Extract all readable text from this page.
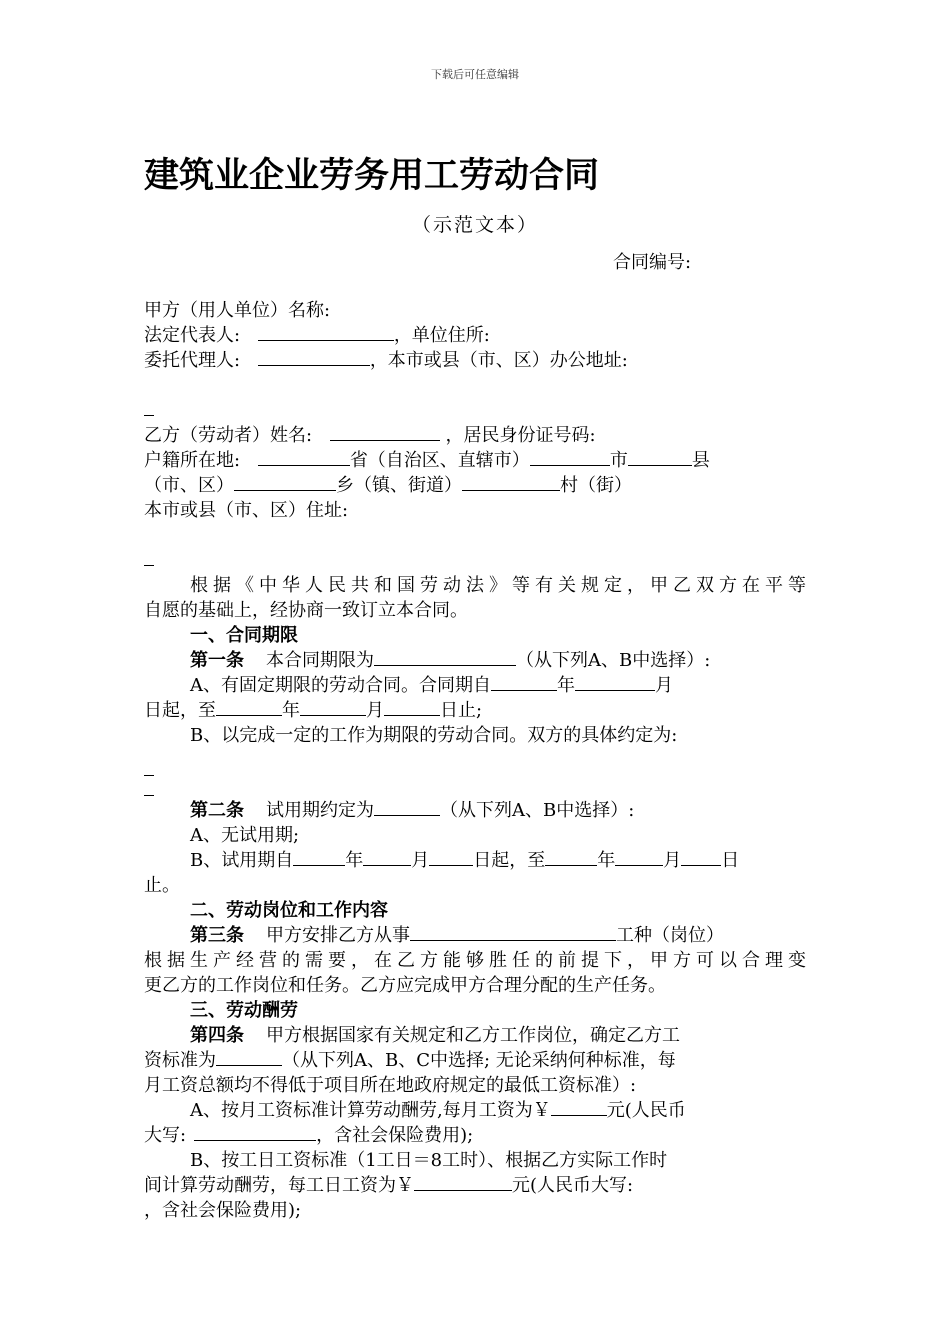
下载后可任意编辑
建筑业企业劳务用工劳动合同
（示范文本）
合同编号:
甲方（用人单位）名称:
法定代表人:	，单位住所:
委托代理人:	，本市或县（市、区）办公地址:
乙方（劳动者）姓名:	，居民身份证号码:
户籍所在地:	省（自治区、直辖市）	市	县
（市、区）	乡（镇、街道）	村（街）
本市或县（市、区）住址:
根据《中华人民共和国劳动法》等有关规定，甲乙双方在平等
自愿的基础上，经协商一致订立本合同。
一、合同期限
第一条 本合同期限为	（从下列A、B中选择）:
A、有固定期限的劳动合同。合同期自	年	月
日起，至	年	月	日止;
B、以完成一定的工作为期限的劳动合同。双方的具体约定为:
第二条 试用期约定为	（从下列A、B中选择）:
A、无试用期;
B、试用期自	年	月 日起，至	年	月 日
止。
二、劳动岗位和工作内容
第三条 甲方安排乙方从事	工种（岗位）
根据生产经营的需要，在乙方能够胜任的前提下，甲方可以合理变
更乙方的工作岗位和任务。乙方应完成甲方合理分配的生产任务。
三、劳动酬劳
第四条 甲方根据国家有关规定和乙方工作岗位，确定乙方工
资标准为	（从下列A、B、C中选择; 无论采纳何种标准，每
月工资总额均不得低于项目所在地政府规定的最低工资标准）:
A、按月工资标准计算劳动酬劳,每月工资为￥	元(人民币
大写:	，含社会保险费用);
B、按工日工资标准（1工日＝8工时）、根据乙方实际工作时
间计算劳动酬劳，每工日工资为￥	元(人民币大写:
，含社会保险费用);
